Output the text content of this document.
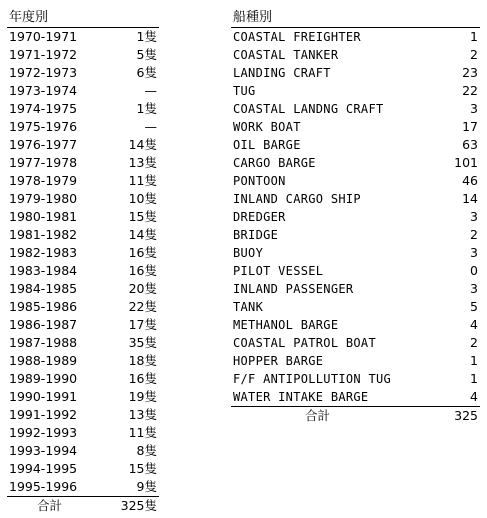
年度別
1970-1971	1隻
1971-1972	5隻
1972-1973	6隻
1973-1974	—
1974-1975	1隻
1975-1976	—
1976-1977	14隻
1977-1978	13隻
1978-1979	11隻
1979-1980	10隻
1980-1981	15隻
1981-1982	14隻
1982-1983	16隻
1983-1984	16隻
1984-1985	20隻
1985-1986	22隻
1986-1987	17隻
1987-1988	35隻
1988-1989	18隻
1989-1990	16隻
1990-1991	19隻
1991-1992	13隻
1992-1993	11隻
1993-1994	8隻
1994-1995	15隻
1995-1996	9隻
合計	325隻
船種別
COASTAL FREIGHTER	1
COASTAL TANKER	2
LANDING CRAFT	23
TUG	22
COASTAL LANDNG CRAFT	3
WORK BOAT	17
OIL BARGE	63
CARGO BARGE	101
PONTOON	46
INLAND CARGO SHIP	14
DREDGER	3
BRIDGE	2
BUOY	3
PILOT VESSEL	0
INLAND PASSENGER	3
TANK	5
METHANOL BARGE	4
COASTAL PATROL BOAT	2
HOPPER BARGE	1
F/F ANTIPOLLUTION TUG	1
WATER INTAKE BARGE	4
合計	325
